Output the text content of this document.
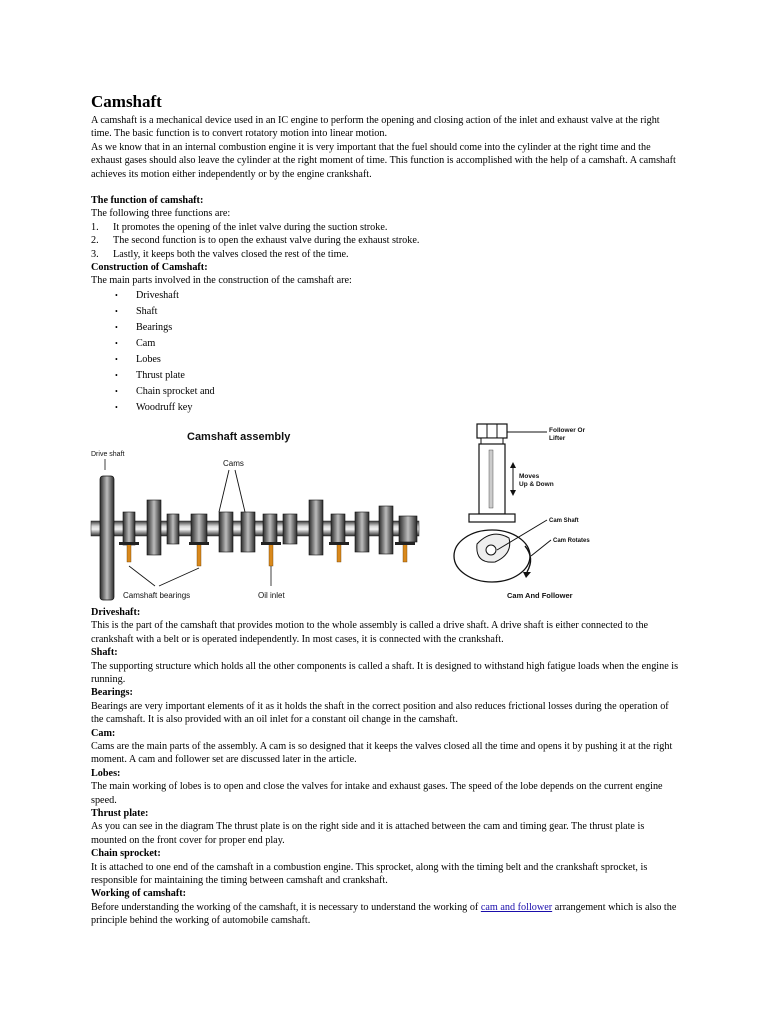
Camshaft

A camshaft is a mechanical device used in an IC engine to perform the opening and closing action of the inlet and exhaust valve at the right time. The basic function is to convert rotatory motion into linear motion.

As we know that in an internal combustion engine it is very important that the fuel should come into the cylinder at the right time and the exhaust gases should also leave the cylinder at the right moment of time. This function is accomplished with the help of a camshaft. A camshaft achieves its motion either independently or by the engine crankshaft.

The function of camshaft:

The following three functions are:

1. It promotes the opening of the inlet valve during the suction stroke.
2. The second function is to open the exhaust valve during the exhaust stroke.
3. Lastly, it keeps both the valves closed the rest of the time.

Construction of Camshaft:

The main parts involved in the construction of the camshaft are:

• Driveshaft
• Shaft
• Bearings
• Cam
• Lobes
• Thrust plate
• Chain sprocket and
• Woodruff key
Camshaft assembly
Drive shaft
Cams
Camshaft bearings	Oil inlet
Follower Or
Lifter
Moves
Up & Down
Cam Shaft
Cam Rotates
Cam And Follower

Driveshaft:

This is the part of the camshaft that provides motion to the whole assembly is called a drive shaft. A drive shaft is either connected to the crankshaft with a belt or is operated independently. In most cases, it is connected with the crankshaft.

Shaft:

The supporting structure which holds all the other components is called a shaft. It is designed to withstand high fatigue loads when the engine is running.

Bearings:

Bearings are very important elements of it as it holds the shaft in the correct position and also reduces frictional losses during the operation of the camshaft. It is also provided with an oil inlet for a constant oil change in the camshaft.

Cam:

Cams are the main parts of the assembly. A cam is so designed that it keeps the valves closed all the time and opens it by pushing it at the right moment. A cam and follower set are discussed later in the article.

Lobes:

The main working of lobes is to open and close the valves for intake and exhaust gases. The speed of the lobe depends on the current engine speed.

Thrust plate:

As you can see in the diagram The thrust plate is on the right side and it is attached between the cam and timing gear. The thrust plate is mounted on the front cover for proper end play.

Chain sprocket:

It is attached to one end of the camshaft in a combustion engine. This sprocket, along with the timing belt and the crankshaft sprocket, is responsible for maintaining the timing between camshaft and crankshaft.

Working of camshaft:

Before understanding the working of the camshaft, it is necessary to understand the working of cam and follower arrangement which is also the principle behind the working of automobile camshaft.
